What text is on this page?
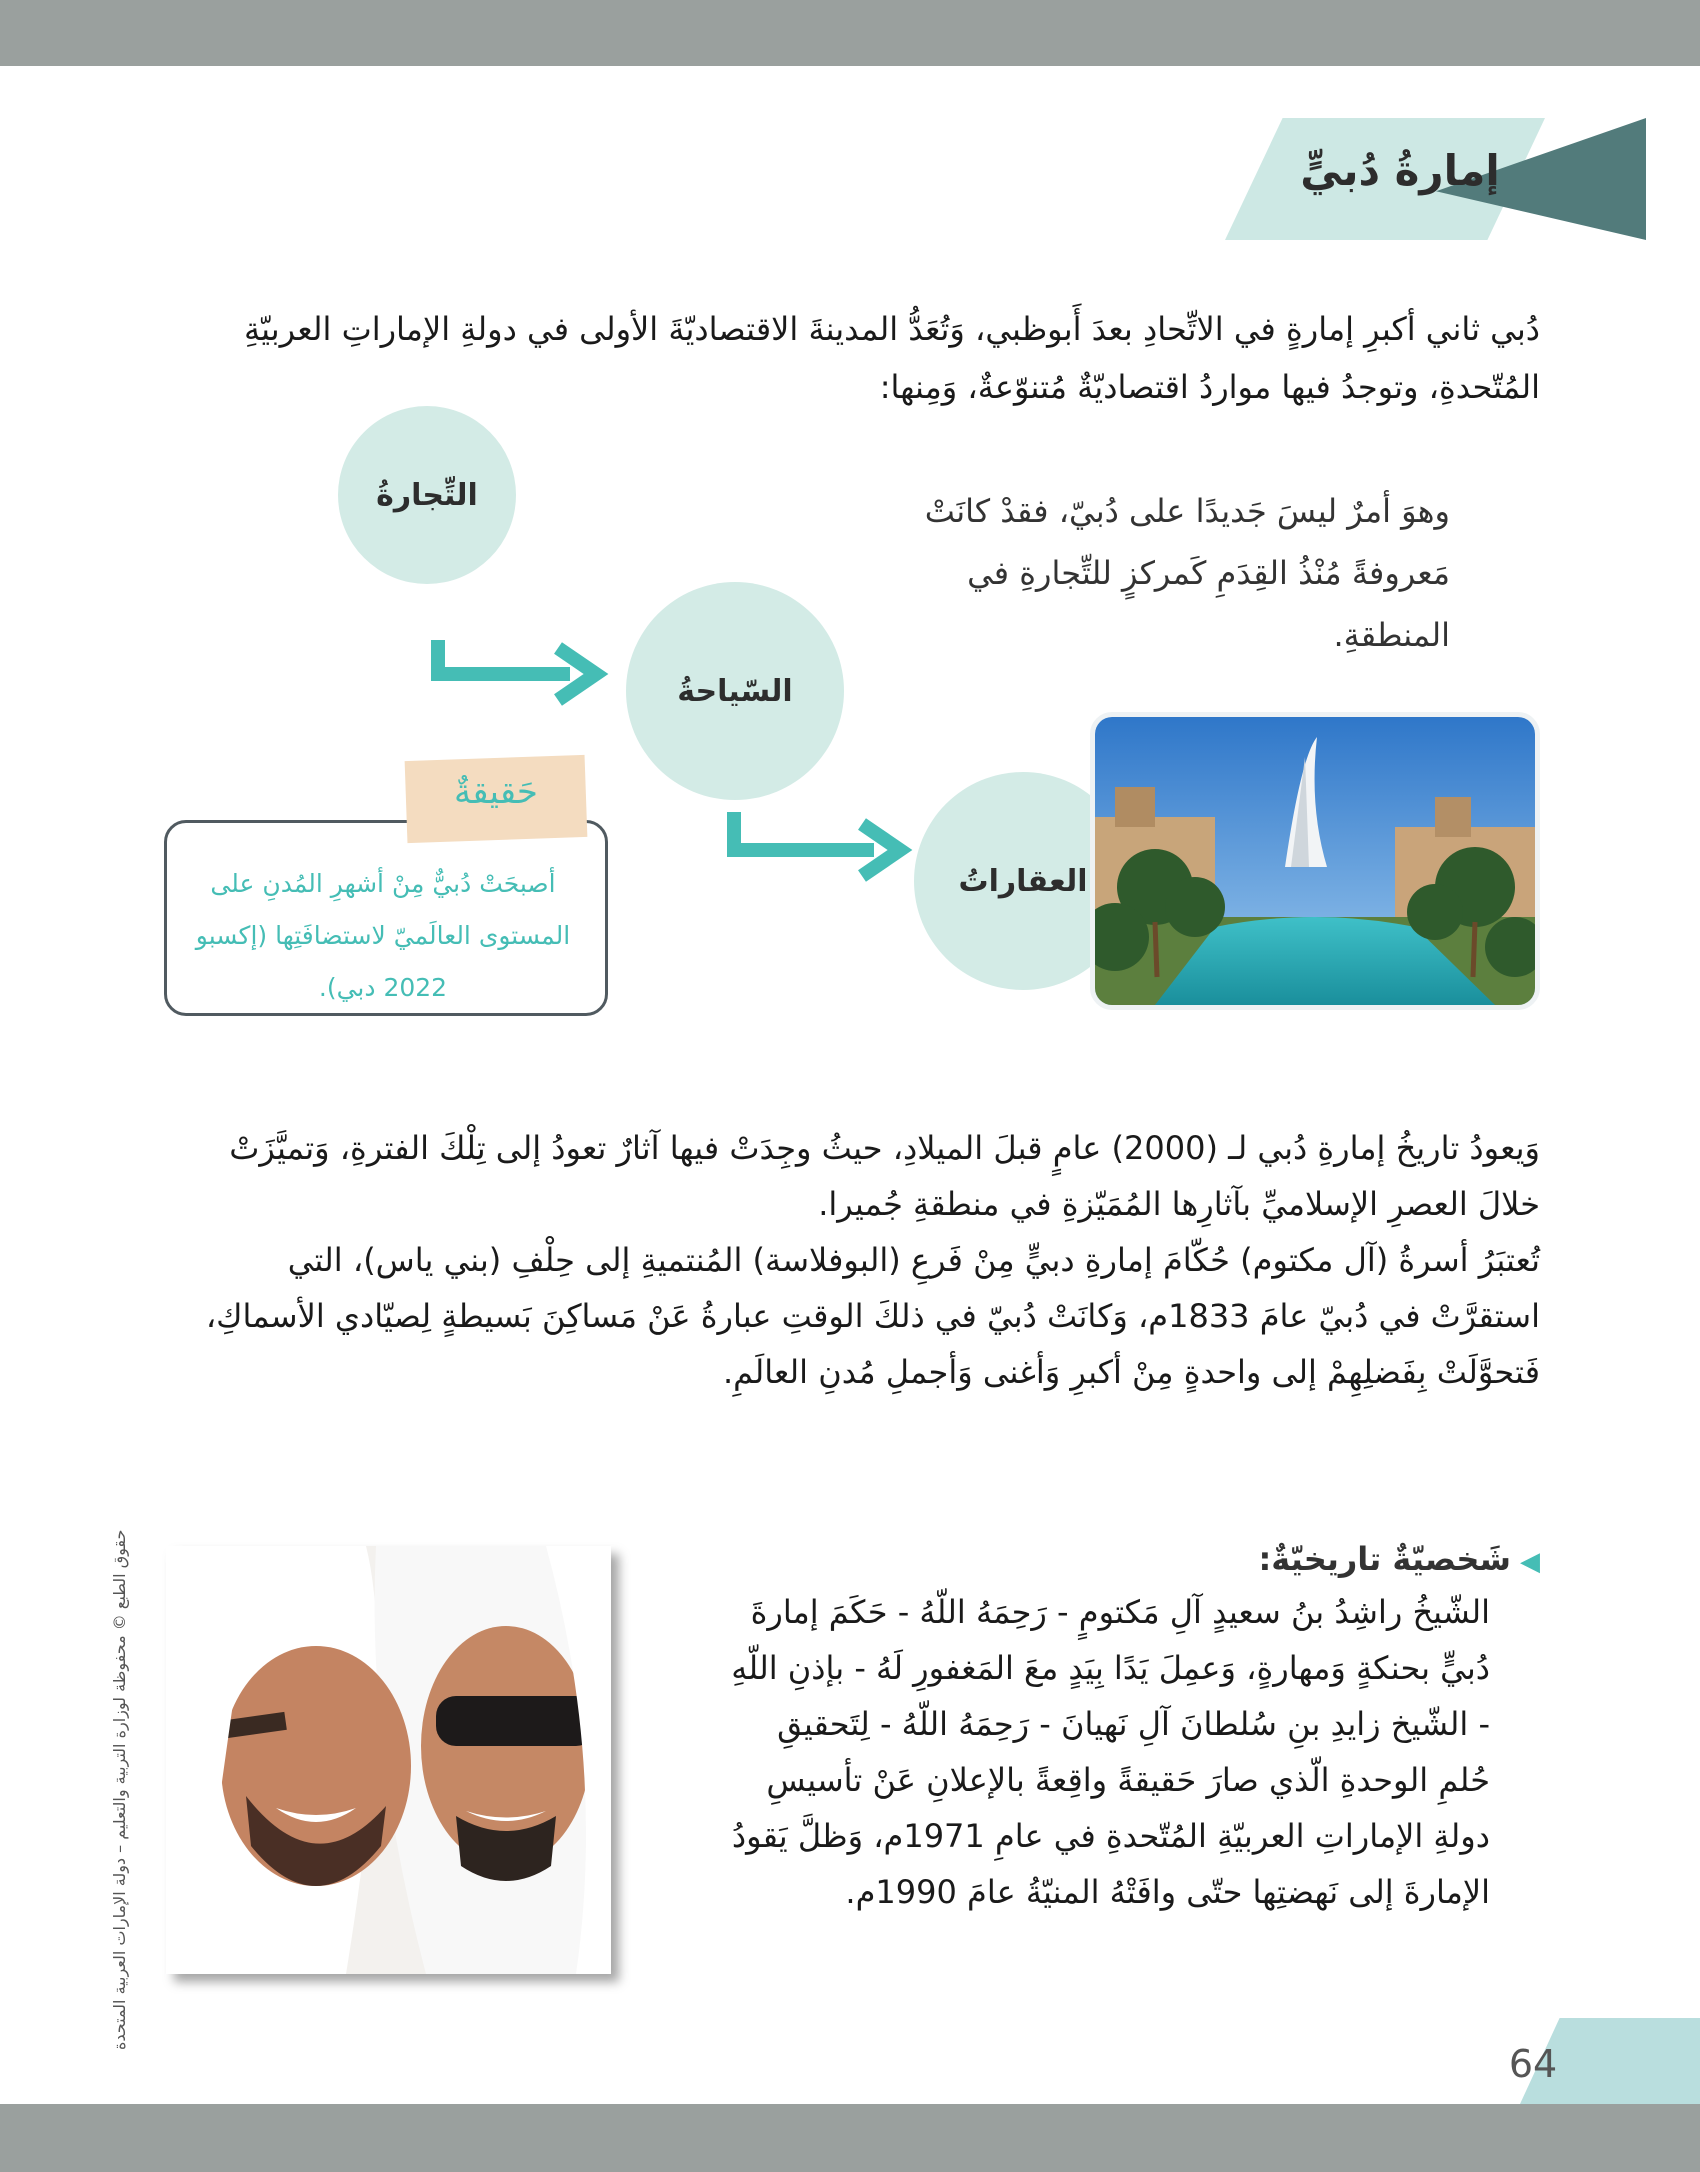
64
إمارةُ دُبيٍّ

دُبي ثاني أكبرِ إمارةٍ في الاتِّحادِ بعدَ أَبوظبي، وَتُعَدُّ المدينةَ الاقتصاديّةَ الأولى في دولةِ الإماراتِ العربيّةِ

المُتّحدةِ، وتوجدُ فيها مواردُ اقتصاديّةٌ مُتنوّعةٌ، وَمِنها:

التِّجارةُ
السّياحةُ
العقاراتُ
وهوَ أمرٌ ليسَ جَديدًا على دُبيّ، فقدْ كانَتْ مَعروفةً مُنْذُ القِدَمِ كَمركزٍ للتِّجارةِ في المنطقةِ.
حَقيقةٌ
أصبحَتْ دُبيٌّ مِنْ أشهرِ المُدنِ على المستوى العالَميّ لاستضافَتِها (إكسبو 2022 دبي).

وَيعودُ تاريخُ إمارةِ دُبي لـ (2000) عامٍ قبلَ الميلادِ، حيثُ وجِدَتْ فيها آثارٌ تعودُ إلى تِلْكَ الفترةِ، وَتميَّزَتْ

خلالَ العصرِ الإسلاميِّ بآثارِها المُمَيّزةِ في منطقةِ جُميرا.

تُعتبَرُ أسرةُ (آل مكتوم) حُكّامَ إمارةِ دبيٍّ مِنْ فَرعِ (البوفلاسة) المُنتميةِ إلى حِلْفِ (بني ياس)، التي

استقرَّتْ في دُبيّ عامَ 1833م، وَكانَتْ دُبيّ في ذلكَ الوقتِ عبارةُ عَنْ مَساكِنَ بَسيطةٍ لِصيّادي الأسماكِ،

فَتحوَّلَتْ بِفَضلِهِمْ إلى واحدةٍ مِنْ أكبرِ وَأغنى وَأجملِ مُدنِ العالَمِ.

◀ شَخصيّةٌ تاريخيّةٌ:

الشّيخُ راشِدُ بنُ سعيدٍ آلِ مَكتومٍ - رَحِمَهُ اللّهُ - حَكَمَ إمارةَ

دُبيٍّ بحنكةٍ وَمهارةٍ، وَعمِلَ يَدًا بِيَدٍ معَ المَغفورِ لَهُ - بإذنِ اللّهِ

- الشّيخ زايدِ بنِ سُلطانَ آلِ نَهيانَ - رَحِمَهُ اللّهُ - لِتَحقيقِ

حُلمِ الوحدةِ الّذي صارَ حَقيقةً واقِعةً بالإعلانِ عَنْ تأسيسِ

دولةِ الإماراتِ العربيّةِ المُتّحدةِ في عامِ 1971م، وَظلَّ يَقودُ

الإمارةَ إلى نَهضتِها حتّى وافَتْهُ المنيّةُ عامَ 1990م.

حقوق الطبع © محفوظة لوزارة التربية والتعليم – دولة الإمارات العربية المتحدة
